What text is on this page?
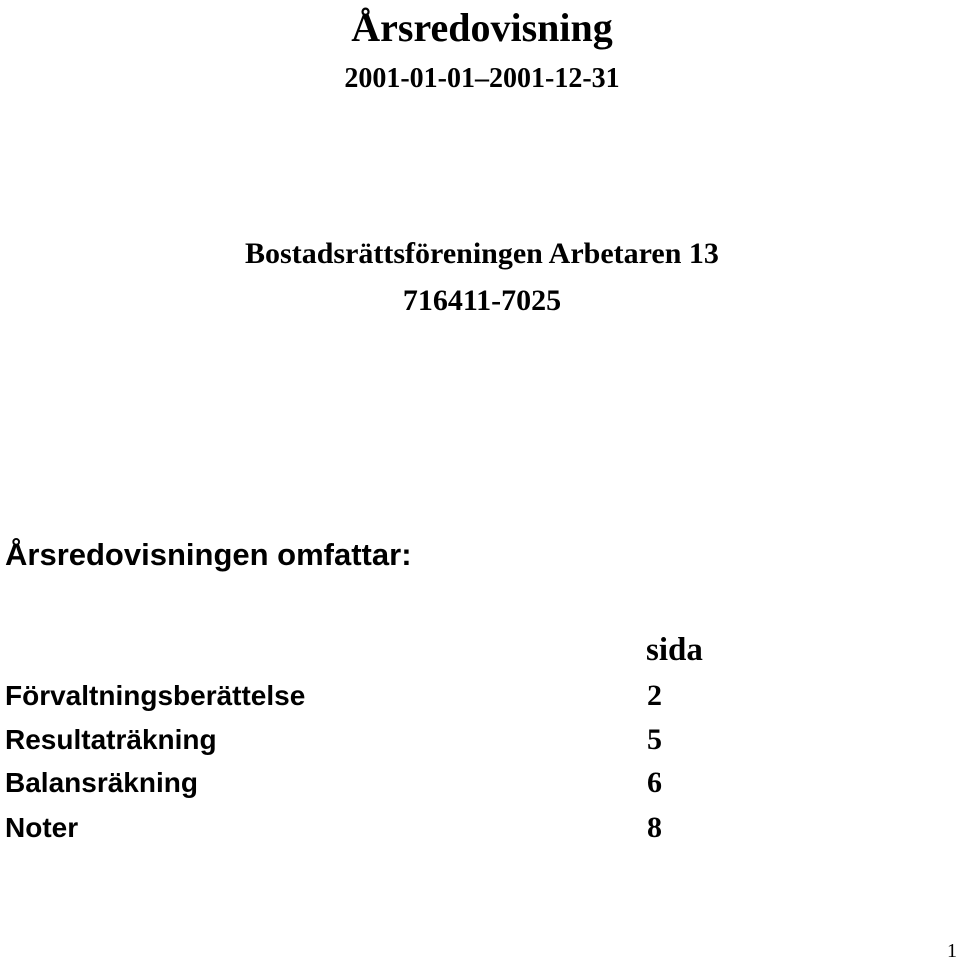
Årsredovisning
2001-01-01–2001-12-31
Bostadsrättsföreningen Arbetaren 13
716411-7025
Årsredovisningen omfattar:
sida
Förvaltningsberättelse	2
Resultaträkning	5
Balansräkning	6
Noter	8
1
